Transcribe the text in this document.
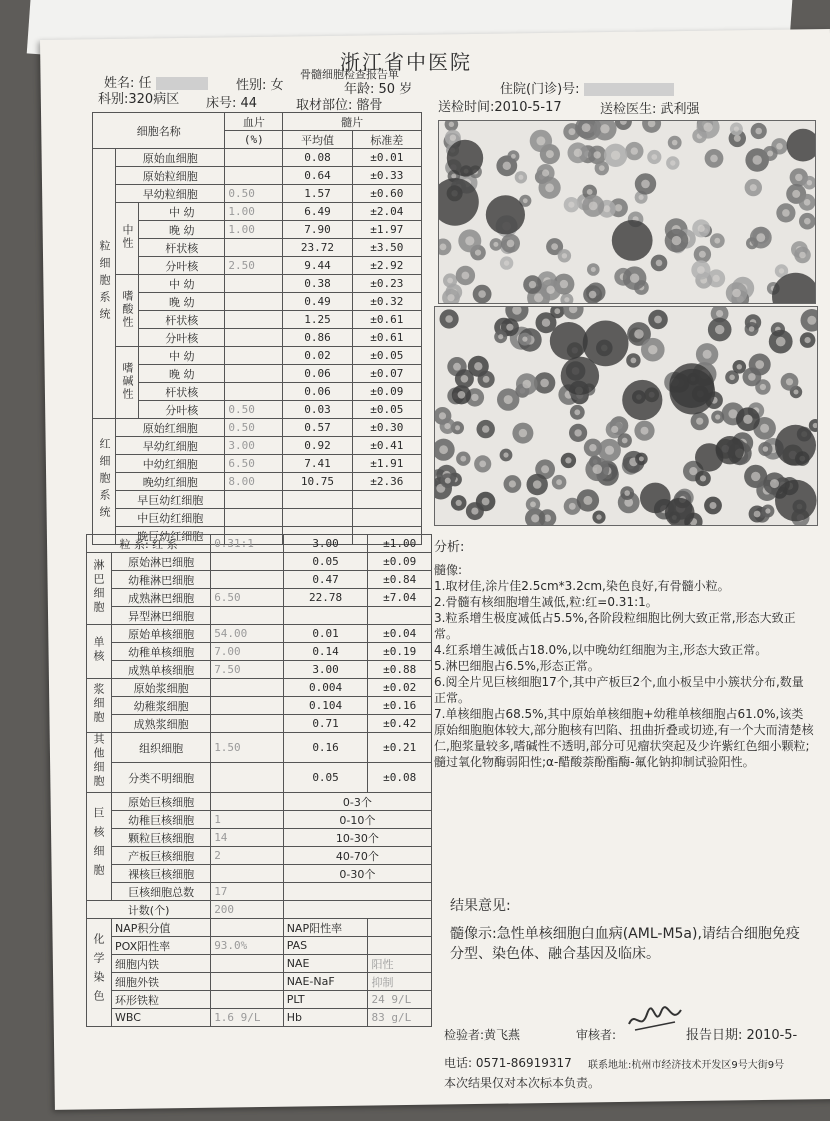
浙江省中医院
骨髓细胞检查报告单
姓名: 任	性别: 女	年龄: 50 岁	住院(门诊)号:
科别:320病区 床号: 44	取材部位: 髂骨	送检时间:2010-5-17	送检医生: 武利强
细胞名称			血片	髓片	
			(%)	平均值	标准差
粒细胞系统	原始血细胞			0.08	±0.01
	原始粒细胞			0.64	±0.33
	早幼粒细胞		0.50	1.57	±0.60
	中性	中 幼	1.00	6.49	±2.04
		晚 幼	1.00	7.90	±1.97
		杆状核		23.72	±3.50
		分叶核	2.50	9.44	±2.92
	嗜酸性	中 幼		0.38	±0.23
		晚 幼		0.49	±0.32
		杆状核		1.25	±0.61
		分叶核		0.86	±0.61
	嗜碱性	中 幼		0.02	±0.05
		晚 幼		0.06	±0.07
		杆状核		0.06	±0.09
		分叶核	0.50	0.03	±0.05
红细胞系统	原始红细胞		0.50	0.57	±0.30
	早幼红细胞		3.00	0.92	±0.41
	中幼红细胞		6.50	7.41	±1.91
	晚幼红细胞		8.00	10.75	±2.36
	早巨幼红细胞				
	中巨幼红细胞				
	晚巨幼红细胞				
粒 系: 红 系		0.31:1	3.00	±1.00
淋巴细胞	原始淋巴细胞		0.05	±0.09
	幼稚淋巴细胞		0.47	±0.84
	成熟淋巴细胞	6.50	22.78	±7.04
	异型淋巴细胞			
单核	原始单核细胞	54.00	0.01	±0.04
	幼稚单核细胞	7.00	0.14	±0.19
	成熟单核细胞	7.50	3.00	±0.88
浆细胞	原始浆细胞		0.004	±0.02
	幼稚浆细胞		0.104	±0.16
	成熟浆细胞		0.71	±0.42
其他细胞	组织细胞	1.50	0.16	±0.21
	分类不明细胞		0.05	±0.08
巨核细胞	原始巨核细胞		0-3个	
	幼稚巨核细胞	1	0-10个	
	颗粒巨核细胞	14	10-30个	
	产板巨核细胞	2	40-70个	
	裸核巨核细胞		0-30个	
	巨核细胞总数	17		
计数(个)		200		
化学染色	NAP积分值		NAP阳性率	
	POX阳性率	93.0%	PAS	
	细胞内铁		NAE	阳性
	细胞外铁		NAE-NaF	抑制
	环形铁粒		PLT	24 9/L
	WBC	1.6 9/L	Hb	83 g/L
分析:
髓像:
1.取材佳,涂片佳2.5cm*3.2cm,染色良好,有骨髓小粒。
2.骨髓有核细胞增生减低,粒:红=0.31:1。
3.粒系增生极度减低占5.5%,各阶段粒细胞比例大致正常,形态大致正常。
4.红系增生减低占18.0%,以中晚幼红细胞为主,形态大致正常。
5.淋巴细胞占6.5%,形态正常。
6.阅全片见巨核细胞17个,其中产板巨2个,血小板呈中小簇状分布,数量正常。
7.单核细胞占68.5%,其中原始单核细胞+幼稚单核细胞占61.0%,该类原始细胞胞体较大,部分胞核有凹陷、扭曲折叠或切迹,有一个大而清楚核仁,胞浆量较多,嗜碱性不透明,部分可见瘤状突起及少许紫红色细小颗粒;髓过氧化物酶弱阳性;α-醋酸萘酚酯酶-氟化钠抑制试验阳性。
结果意见:
髓像示:急性单核细胞白血病(AML-M5a),请结合细胞免疫分型、染色体、融合基因及临床。
检验者:黄飞燕	审核者:	报告日期: 2010-5-
电话: 0571-86919317 联系地址:杭州市经济技术开发区9号大街9号
本次结果仅对本次标本负责。
